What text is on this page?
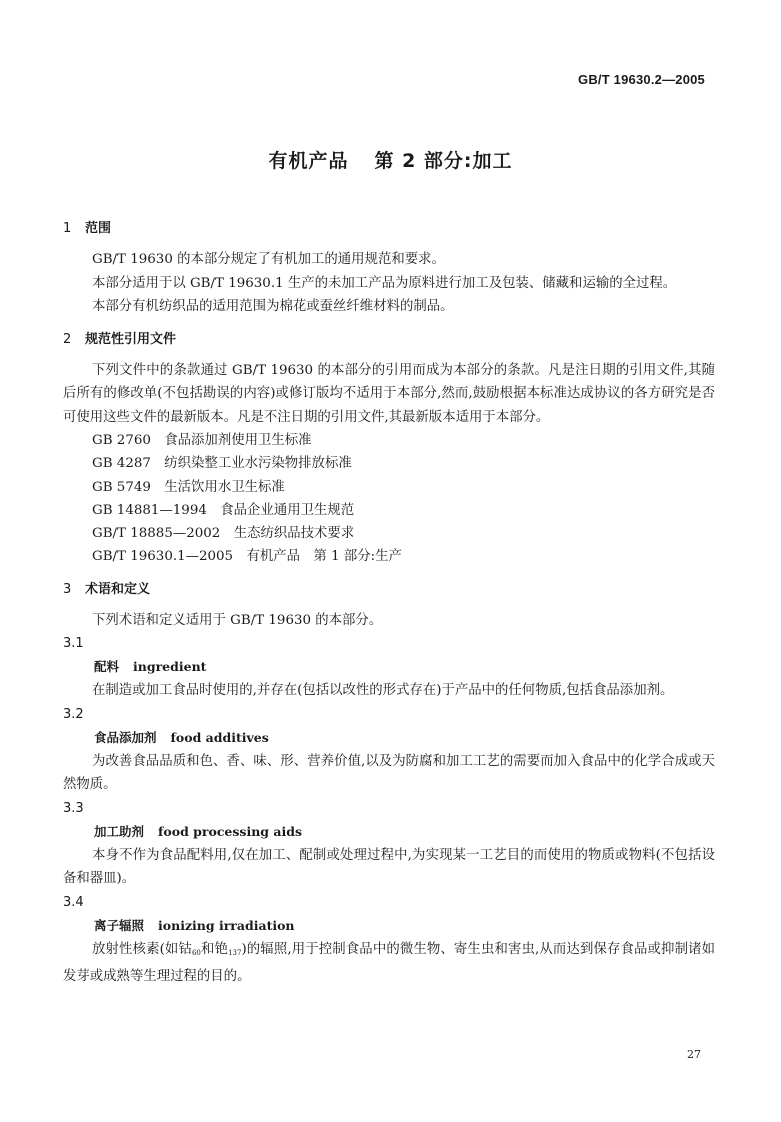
GB/T 19630.2—2005
有机产品 第 2 部分:加工
1 范围

GB/T 19630 的本部分规定了有机加工的通用规范和要求。

本部分适用于以 GB/T 19630.1 生产的未加工产品为原料进行加工及包装、储藏和运输的全过程。

本部分有机纺织品的适用范围为棉花或蚕丝纤维材料的制品。

2 规范性引用文件

下列文件中的条款通过 GB/T 19630 的本部分的引用而成为本部分的条款。凡是注日期的引用文件,其随后所有的修改单(不包括勘误的内容)或修订版均不适用于本部分,然而,鼓励根据本标准达成协议的各方研究是否可使用这些文件的最新版本。凡是不注日期的引用文件,其最新版本适用于本部分。

GB 2760　 食品添加剂使用卫生标准
GB 4287　 纺织染整工业水污染物排放标准
GB 5749　 生活饮用水卫生标准
GB 14881—1994　 食品企业通用卫生规范
GB/T 18885—2002　 生态纺织品技术要求
GB/T 19630.1—2005　 有机产品　第 1 部分:生产
3 术语和定义

下列术语和定义适用于 GB/T 19630 的本部分。

3.1
配料 ingredient

在制造或加工食品时使用的,并存在(包括以改性的形式存在)于产品中的任何物质,包括食品添加剂。

3.2
食品添加剂 food additives

为改善食品品质和色、香、味、形、营养价值,以及为防腐和加工工艺的需要而加入食品中的化学合成或天然物质。

3.3
加工助剂 food processing aids

本身不作为食品配料用,仅在加工、配制或处理过程中,为实现某一工艺目的而使用的物质或物料(不包括设备和器皿)。

3.4
离子辐照 ionizing irradiation

放射性核素(如钴$_{60}$和铯$_{137}$)的辐照,用于控制食品中的微生物、寄生虫和害虫,从而达到保存食品或抑制诸如发芽或成熟等生理过程的目的。

27
